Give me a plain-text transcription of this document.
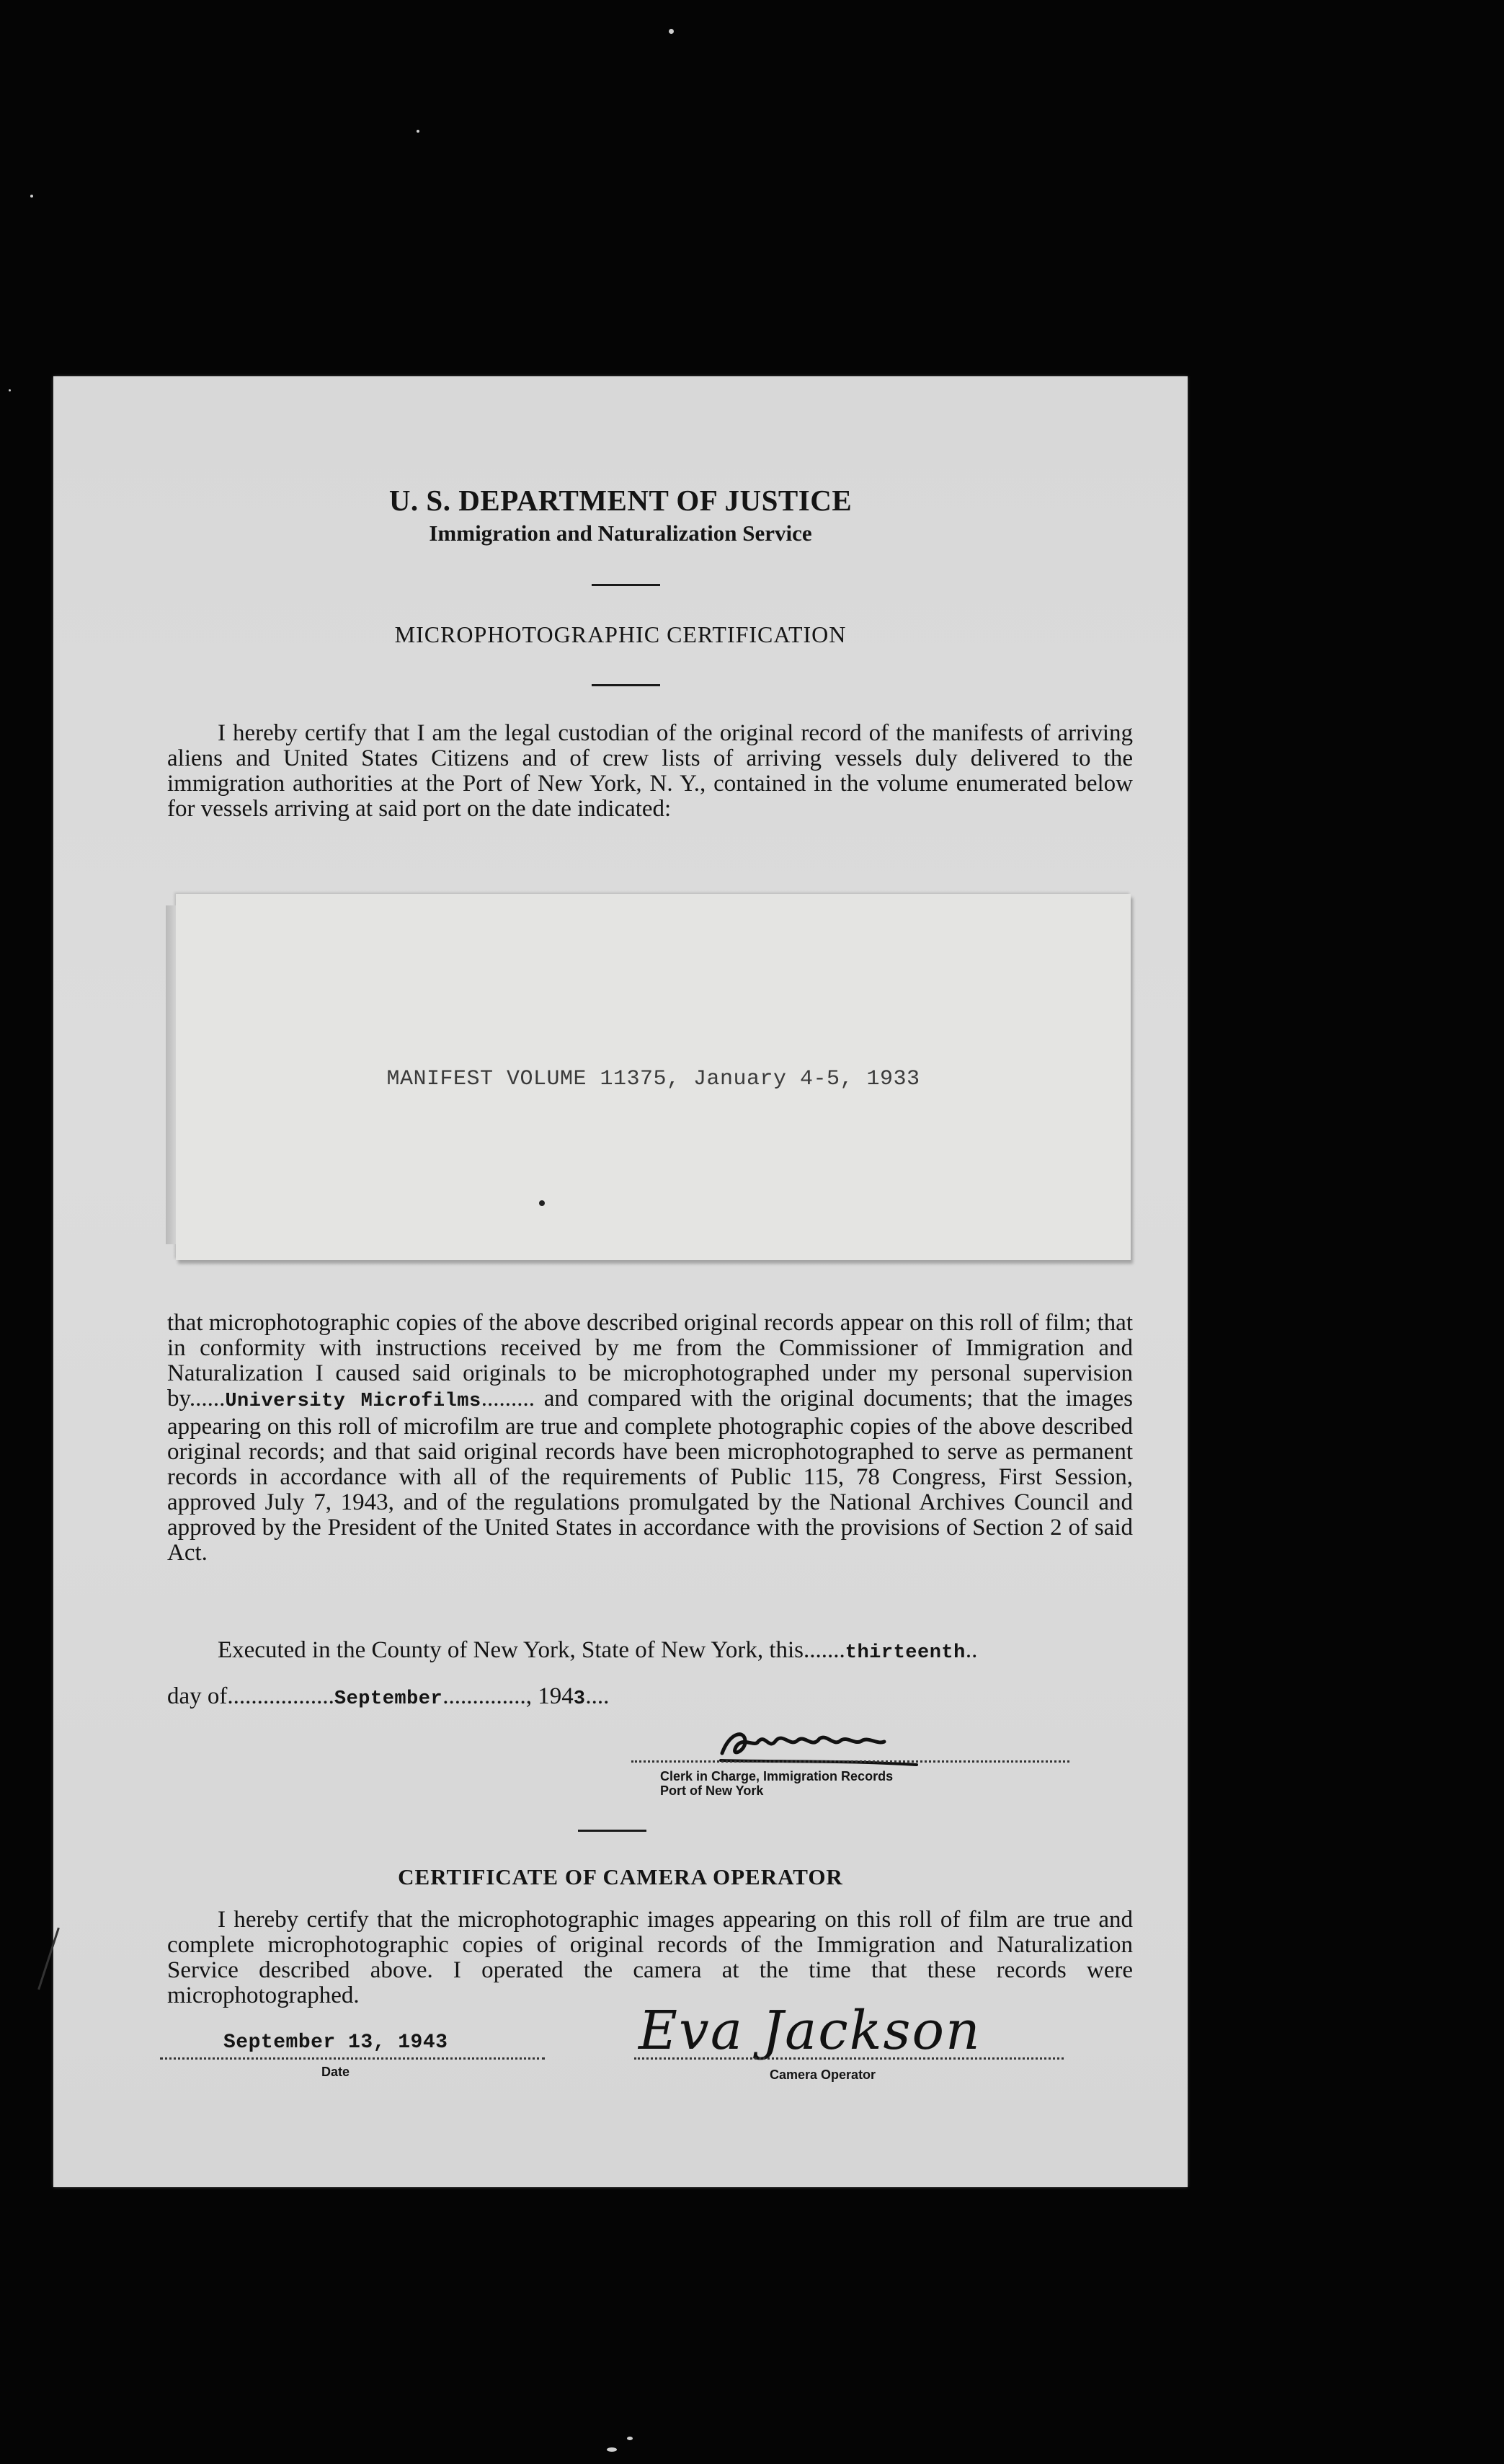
U. S. DEPARTMENT OF JUSTICE
Immigration and Naturalization Service
MICROPHOTOGRAPHIC CERTIFICATION

I hereby certify that I am the legal custodian of the original record of the manifests of arriving aliens and United States Citizens and of crew lists of arriving vessels duly delivered to the immigration authorities at the Port of New York, N. Y., contained in the volume enumerated below for vessels arriving at said port on the date indicated:

MANIFEST VOLUME 11375, January 4-5, 1933
that microphotographic copies of the above described original records appear on this roll of film; that in conformity with instructions received by me from the Commissioner of Immigration and Naturalization I caused said originals to be microphotographed under my personal supervision by......University Microfilms......... and compared with the original documents; that the images appearing on this roll of microfilm are true and complete photographic copies of the above described original records; and that said original records have been microphotographed to serve as permanent records in accordance with all of the requirements of Public 115, 78 Congress, First Session, approved July 7, 1943, and of the regulations promulgated by the National Archives Council and approved by the President of the United States in accordance with the provisions of Section 2 of said Act.
Executed in the County of New York, State of New York, this.......thirteenth..
day of..................September.............., 1943....
Clerk in Charge, Immigration Records
Port of New York
CERTIFICATE OF CAMERA OPERATOR

I hereby certify that the microphotographic images appearing on this roll of film are true and complete microphotographic copies of original records of the Immigration and Naturalization Service described above. I operated the camera at the time that these records were microphotographed.

September 13, 1943
Date
Eva Jackson
Camera Operator
